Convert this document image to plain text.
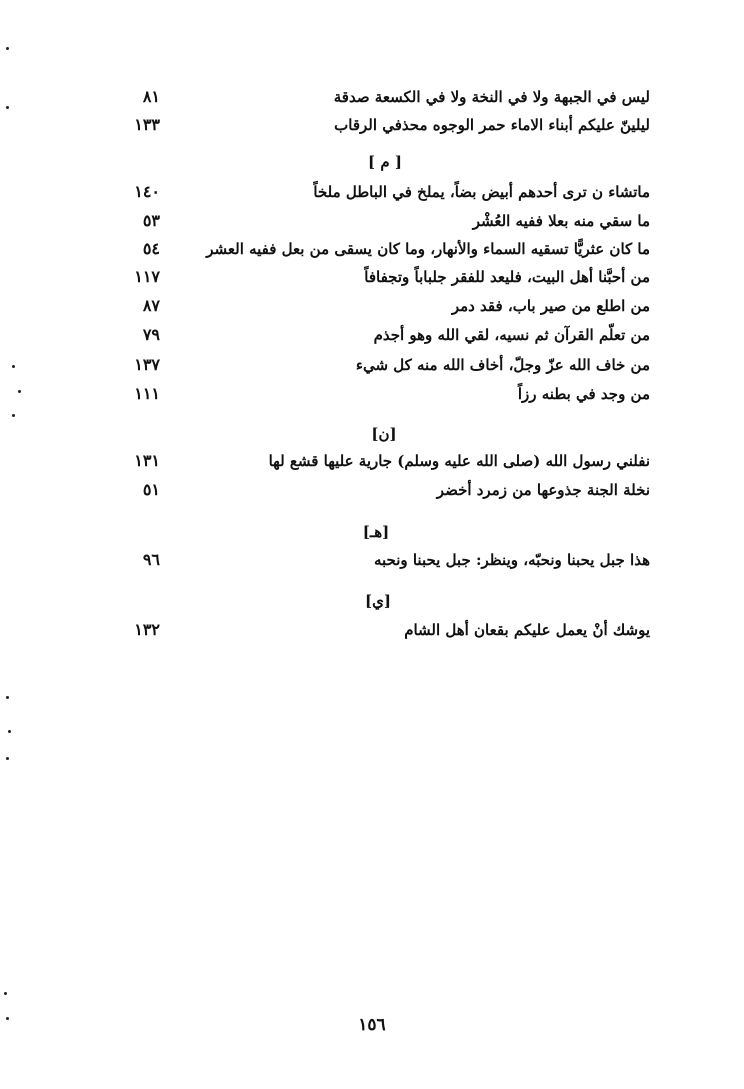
ليس في الجبهة ولا في النخة ولا في الكسعة صدقة
٨١
ليلينّ عليكم أبناء الاماء حمر الوجوه محذفي الرقاب
١٣٣
[ م ]
ماتشاء ن ترى أحدهم أبيض بضاً، يملخ في الباطل ملخاً
١٤٠
ما سقي منه بعلا ففيه العُشْر
٥٣
ما كان عثريًّا تسقيه السماء والأنهار، وما كان يسقى من بعل ففيه العشر
٥٤
من أحبَّنا أهل البيت، فليعد للفقر جلباباً وتجفافاً
١١٧
من اطلع من صير باب، فقد دمر
٨٧
من تعلّم القرآن ثم نسيه، لقي الله وهو أجذم
٧٩
من خاف الله عزّ وجلّ، أخاف الله منه كل شيء
١٣٧
من وجد في بطنه رزاً
١١١
[ن]
نفلني رسول الله (صلى الله عليه وسلم) جارية عليها قشع لها
١٣١
نخلة الجنة جذوعها من زمرد أخضر
٥١
[هـ]
هذا جبل يحبنا ونحبّه، وينظر: جبل يحبنا ونحبه
٩٦
[ي]
يوشك أنْ يعمل عليكم بقعان أهل الشام
١٣٢
١٥٦
